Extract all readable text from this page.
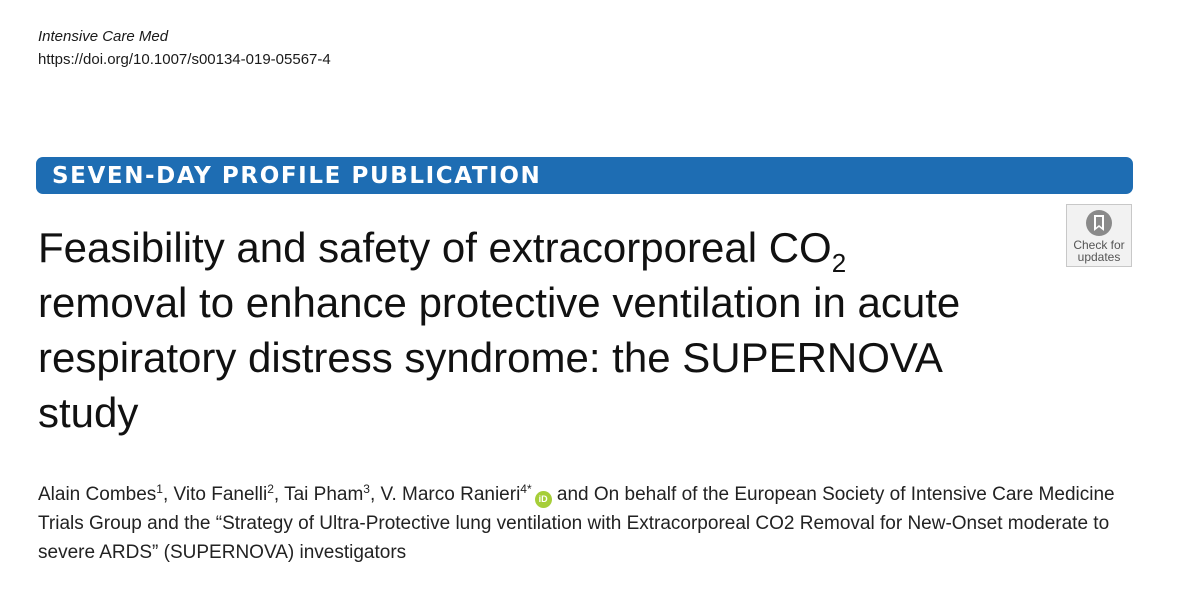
Intensive Care Med
https://doi.org/10.1007/s00134-019-05567-4
SEVEN-DAY PROFILE PUBLICATION
Check for
updates
Feasibility and safety of extracorporeal $CO_2$
removal to enhance protective ventilation in acute respiratory distress syndrome: the SUPERNOVA study
Alain Combes$^1$, Vito Fanelli$^2$, Tai Pham$^3$, V. Marco Ranieri$^{4*}$iD and On behalf of the European Society of Intensive Care Medicine Trials Group and the “Strategy of Ultra-Protective lung ventilation with Extracorporeal CO2 Removal for New-Onset moderate to severe ARDS” (SUPERNOVA) investigators
